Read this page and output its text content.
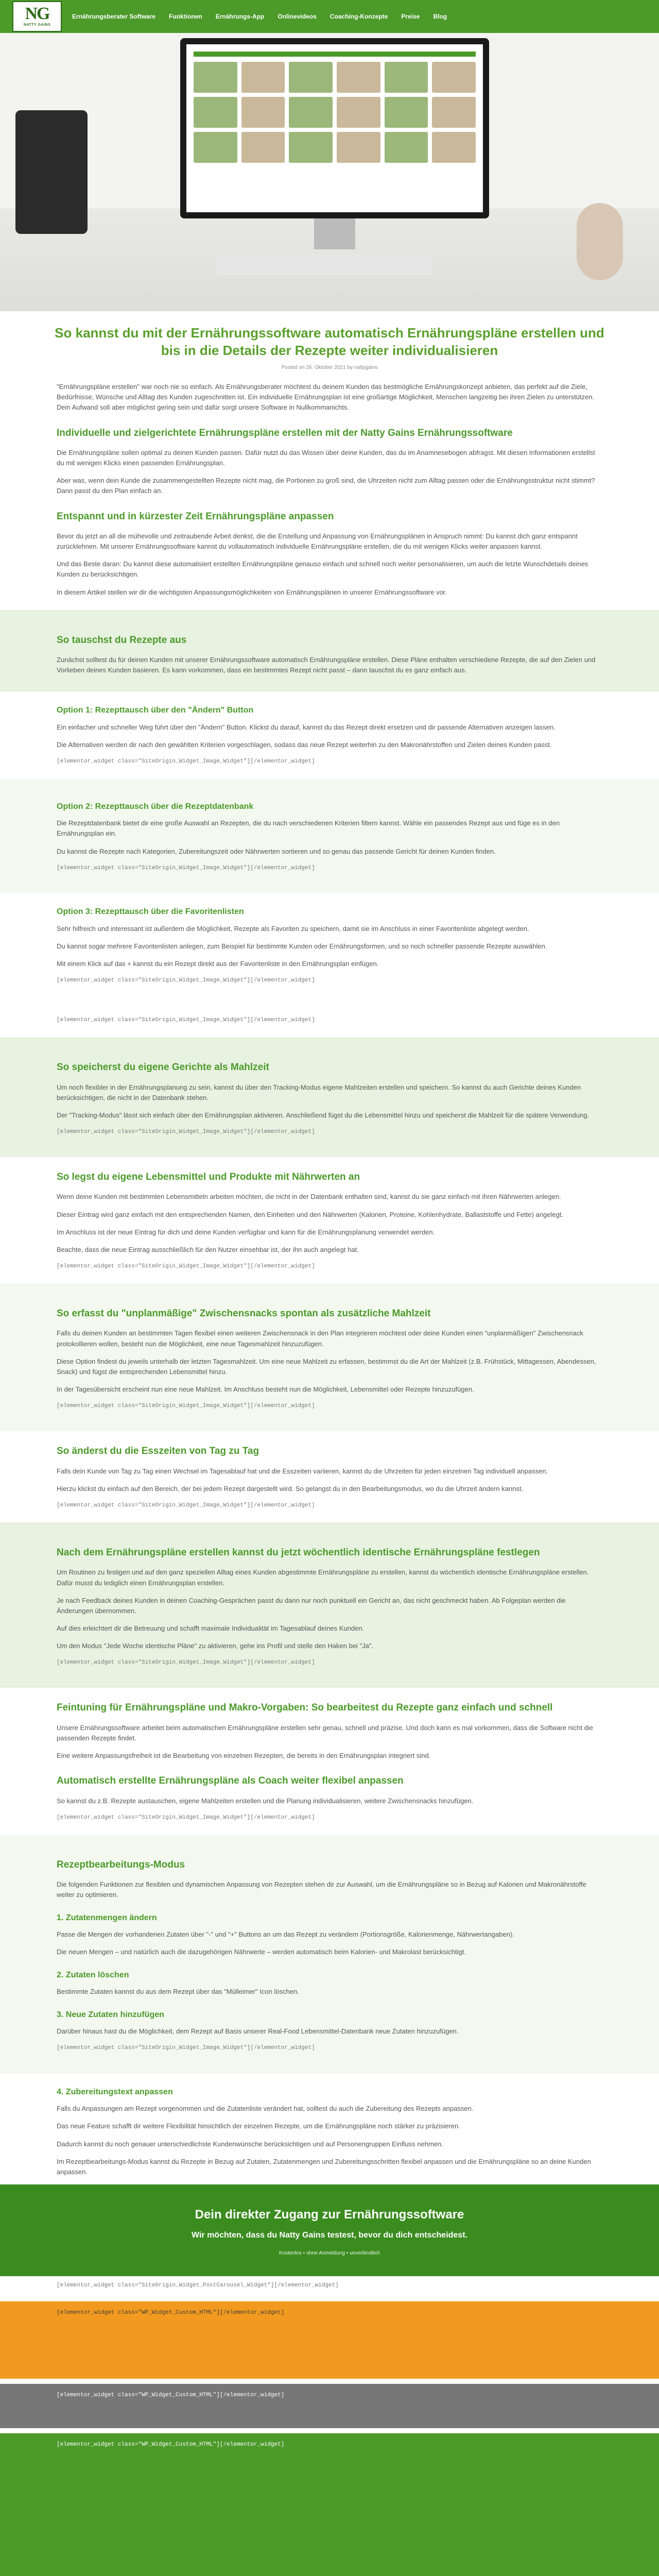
NG
NATTY GAINS
Ernährungsberater Software Funktionen Ernährungs-App Onlinevideos Coaching-Konzepte Preise Blog
So kannst du mit der Ernährungssoftware automatisch Ernährungspläne erstellen und bis in die Details der Rezepte weiter individualisieren
Posted on 26. Oktober 2021 by nattygains

"Ernährungspläne erstellen" war noch nie so einfach. Als Ernährungsberater möchtest du deinem Kunden das bestmögliche Ernährungskonzept anbieten, das perfekt auf die Ziele, Bedürfnisse, Wünsche und Alltag des Kunden zugeschnitten ist. Ein individuelle Ernährungsplan ist eine großartige Möglichkeit, Menschen langzeitig bei ihren Zielen zu unterstützen. Dein Aufwand soll aber möglichst gering sein und dafür sorgt unsere Software in Nullkommanichts.

Individuelle und zielgerichtete Ernährungspläne erstellen mit der Natty Gains Ernährungssoftware

Die Ernährungspläne sollen optimal zu deinen Kunden passen. Dafür nutzt du das Wissen über deine Kunden, das du im Anamnesebogen abfragst. Mit diesen Informationen erstellst du mit wenigen Klicks einen passenden Ernährungsplan.

Aber was, wenn dein Kunde die zusammengestellten Rezepte nicht mag, die Portionen zu groß sind, die Uhrzeiten nicht zum Alltag passen oder die Ernährungsstruktur nicht stimmt? Dann passt du den Plan einfach an.

Entspannt und in kürzester Zeit Ernährungspläne anpassen

Bevor du jetzt an all die mühevolle und zeitraubende Arbeit denkst, die die Erstellung und Anpassung von Ernährungsplänen in Anspruch nimmt: Du kannst dich ganz entspannt zurücklehnen. Mit unserer Ernährungssoftware kannst du vollautomatisch individuelle Ernährungspläne erstellen, die du mit wenigen Klicks weiter anpassen kannst.

Und das Beste daran: Du kannst diese automatisiert erstellten Ernährungspläne genauso einfach und schnell noch weiter personalisieren, um auch die letzte Wunschdetails deines Kunden zu berücksichtigen.

In diesem Artikel stellen wir dir die wichtigsten Anpassungsmöglichkeiten von Ernährungsplänen in unserer Ernährungssoftware vor.

So tauschst du Rezepte aus

Zunächst solltest du für deinen Kunden mit unserer Ernährungssoftware automatisch Ernährungspläne erstellen. Diese Pläne enthalten verschiedene Rezepte, die auf den Zielen und Vorlieben deines Kunden basieren. Es kann vorkommen, dass ein bestimmtes Rezept nicht passt – dann tauschst du es ganz einfach aus.

Option 1: Rezepttausch über den "Ändern" Button

Ein einfacher und schneller Weg führt über den "Ändern" Button. Klickst du darauf, kannst du das Rezept direkt ersetzen und dir passende Alternativen anzeigen lassen.

Die Alternativen werden dir nach den gewählten Kriterien vorgeschlagen, sodass das neue Rezept weiterhin zu den Makronährstoffen und Zielen deines Kunden passt.

[elementor_widget class="SiteOrigin_Widget_Image_Widget"][/elementor_widget]
Option 2: Rezepttausch über die Rezeptdatenbank

Die Rezeptdatenbank bietet dir eine große Auswahl an Rezepten, die du nach verschiedenen Kriterien filtern kannst. Wähle ein passendes Rezept aus und füge es in den Ernährungsplan ein.

Du kannst die Rezepte nach Kategorien, Zubereitungszeit oder Nährwerten sortieren und so genau das passende Gericht für deinen Kunden finden.

[elementor_widget class="SiteOrigin_Widget_Image_Widget"][/elementor_widget]
Option 3: Rezepttausch über die Favoritenlisten

Sehr hilfreich und interessant ist außerdem die Möglichkeit, Rezepte als Favoriten zu speichern, damit sie im Anschluss in einer Favoritenliste abgelegt werden.

Du kannst sogar mehrere Favoritenlisten anlegen, zum Beispiel für bestimmte Kunden oder Ernährungsformen, und so noch schneller passende Rezepte auswählen.

Mit einem Klick auf das + kannst du ein Rezept direkt aus der Favoritenliste in den Ernährungsplan einfügen.

[elementor_widget class="SiteOrigin_Widget_Image_Widget"][/elementor_widget]
[elementor_widget class="SiteOrigin_Widget_Image_Widget"][/elementor_widget]
So speicherst du eigene Gerichte als Mahlzeit

Um noch flexibler in der Ernährungsplanung zu sein, kannst du über den Tracking-Modus eigene Mahlzeiten erstellen und speichern. So kannst du auch Gerichte deines Kunden berücksichtigen, die nicht in der Datenbank stehen.

Der "Tracking-Modus" lässt sich einfach über den Ernährungsplan aktivieren. Anschließend fügst du die Lebensmittel hinzu und speicherst die Mahlzeit für die spätere Verwendung.

[elementor_widget class="SiteOrigin_Widget_Image_Widget"][/elementor_widget]
So legst du eigene Lebensmittel und Produkte mit Nährwerten an

Wenn deine Kunden mit bestimmten Lebensmitteln arbeiten möchten, die nicht in der Datenbank enthalten sind, kannst du sie ganz einfach mit ihren Nährwerten anlegen.

Dieser Eintrag wird ganz einfach mit den entsprechenden Namen, den Einheiten und den Nährwerten (Kalorien, Proteine, Kohlenhydrate, Ballaststoffe und Fette) angelegt.

Im Anschluss ist der neue Eintrag für dich und deine Kunden verfügbar und kann für die Ernährungsplanung verwendet werden.

Beachte, dass die neue Eintrag ausschließlich für den Nutzer einsehbar ist, der ihn auch angelegt hat.

[elementor_widget class="SiteOrigin_Widget_Image_Widget"][/elementor_widget]
So erfasst du "unplanmäßige" Zwischensnacks spontan als zusätzliche Mahlzeit

Falls du deinen Kunden an bestimmten Tagen flexibel einen weiteren Zwischensnack in den Plan integrieren möchtest oder deine Kunden einen "unplanmäßigen" Zwischensnack protokollieren wollen, besteht nun die Möglichkeit, eine neue Tagesmahlzeit hinzuzufügen.

Diese Option findest du jeweils unterhalb der letzten Tagesmahlzeit. Um eine neue Mahlzeit zu erfassen, bestimmst du die Art der Mahlzeit (z.B. Frühstück, Mittagessen, Abendessen, Snack) und fügst die entsprechenden Lebensmittel hinzu.

In der Tagesübersicht erscheint nun eine neue Mahlzeit. Im Anschluss besteht nun die Möglichkeit, Lebensmittel oder Rezepte hinzuzufügen.

[elementor_widget class="SiteOrigin_Widget_Image_Widget"][/elementor_widget]
So änderst du die Esszeiten von Tag zu Tag

Falls dein Kunde von Tag zu Tag einen Wechsel im Tagesablauf hat und die Esszeiten variieren, kannst du die Uhrzeiten für jeden einzelnen Tag individuell anpassen.

Hierzu klickst du einfach auf den Bereich, der bei jedem Rezept dargestellt wird. So gelangst du in den Bearbeitungsmodus, wo du die Uhrzeit ändern kannst.

[elementor_widget class="SiteOrigin_Widget_Image_Widget"][/elementor_widget]
Nach dem Ernährungspläne erstellen kannst du jetzt wöchentlich identische Ernährungspläne festlegen

Um Routinen zu festigen und auf den ganz speziellen Alltag eines Kunden abgestimmte Ernährungspläne zu erstellen, kannst du wöchentlich identische Ernährungspläne erstellen. Dafür musst du lediglich einen Ernährungsplan erstellen.

Je nach Feedback deines Kunden in deinen Coaching-Gesprächen passt du dann nur noch punktuell ein Gericht an, das nicht geschmeckt haben. Ab Folgeplan werden die Änderungen übernommen.

Auf dies erleichtert dir die Betreuung und schafft maximale Individualität im Tagesablauf deines Kunden.

Um den Modus "Jede Woche identische Pläne" zu aktivieren, gehe ins Profil und stelle den Haken bei "Ja".

[elementor_widget class="SiteOrigin_Widget_Image_Widget"][/elementor_widget]
Feintuning für Ernährungspläne und Makro-Vorgaben: So bearbeitest du Rezepte ganz einfach und schnell

Unsere Ernährungssoftware arbeitet beim automatischen Ernährungspläne erstellen sehr genau, schnell und präzise. Und doch kann es mal vorkommen, dass die Software nicht die passenden Rezepte findet.

Eine weitere Anpassungsfreiheit ist die Bearbeitung von einzelnen Rezepten, die bereits in den Ernährungsplan integriert sind.

Automatisch erstellte Ernährungspläne als Coach weiter flexibel anpassen

So kannst du z.B. Rezepte austauschen, eigene Mahlzeiten erstellen und die Planung individualisieren, weitere Zwischensnacks hinzufügen.

[elementor_widget class="SiteOrigin_Widget_Image_Widget"][/elementor_widget]
Rezeptbearbeitungs-Modus

Die folgenden Funktionen zur flexiblen und dynamischen Anpassung von Rezepten stehen dir zur Auswahl, um die Ernährungspläne so in Bezug auf Kalorien und Makronährstoffe weiter zu optimieren.

1. Zutatenmengen ändern

Passe die Mengen der vorhandenen Zutaten über "-" und "+" Buttons an um das Rezept zu verändern (Portionsgröße, Kalorienmenge, Nährwertangaben).

Die neuen Mengen – und natürlich auch die dazugehörigen Nährwerte – werden automatisch beim Kalorien- und Makrolast berücksichtigt.

2. Zutaten löschen

Bestimmte Zutaten kannst du aus dem Rezept über das "Mülleimer" Icon löschen.

3. Neue Zutaten hinzufügen

Darüber hinaus hast du die Möglichkeit, dem Rezept auf Basis unserer Real-Food Lebensmittel-Datenbank neue Zutaten hinzuzufügen.

[elementor_widget class="SiteOrigin_Widget_Image_Widget"][/elementor_widget]
4. Zubereitungstext anpassen

Falls du Anpassungen am Rezept vorgenommen und die Zutatenliste verändert hat, solltest du auch die Zubereitung des Rezepts anpassen.

Das neue Feature schafft dir weitere Flexibilität hinsichtlich der einzelnen Rezepte, um die Ernährungspläne noch stärker zu präzisieren.

Dadurch kannst du noch genauer unterschiedlichste Kundenwünsche berücksichtigen und auf Personengruppen Einfluss nehmen.

Im Rezeptbearbeitungs-Modus kannst du Rezepte in Bezug auf Zutaten, Zutatenmengen und Zubereitungsschritten flexibel anpassen und die Ernährungspläne so an deine Kunden anpassen.

Dein direkter Zugang zur Ernährungssoftware
Wir möchten, dass du Natty Gains testest, bevor du dich entscheidest.
Kostenlos • ohne Anmeldung • unverbindlich
[elementor_widget class="SiteOrigin_Widget_PostCarousel_Widget"][/elementor_widget]
[elementor_widget class="WP_Widget_Custom_HTML"][/elementor_widget]
[elementor_widget class="WP_Widget_Custom_HTML"][/elementor_widget]
[elementor_widget class="WP_Widget_Custom_HTML"][/elementor_widget]
